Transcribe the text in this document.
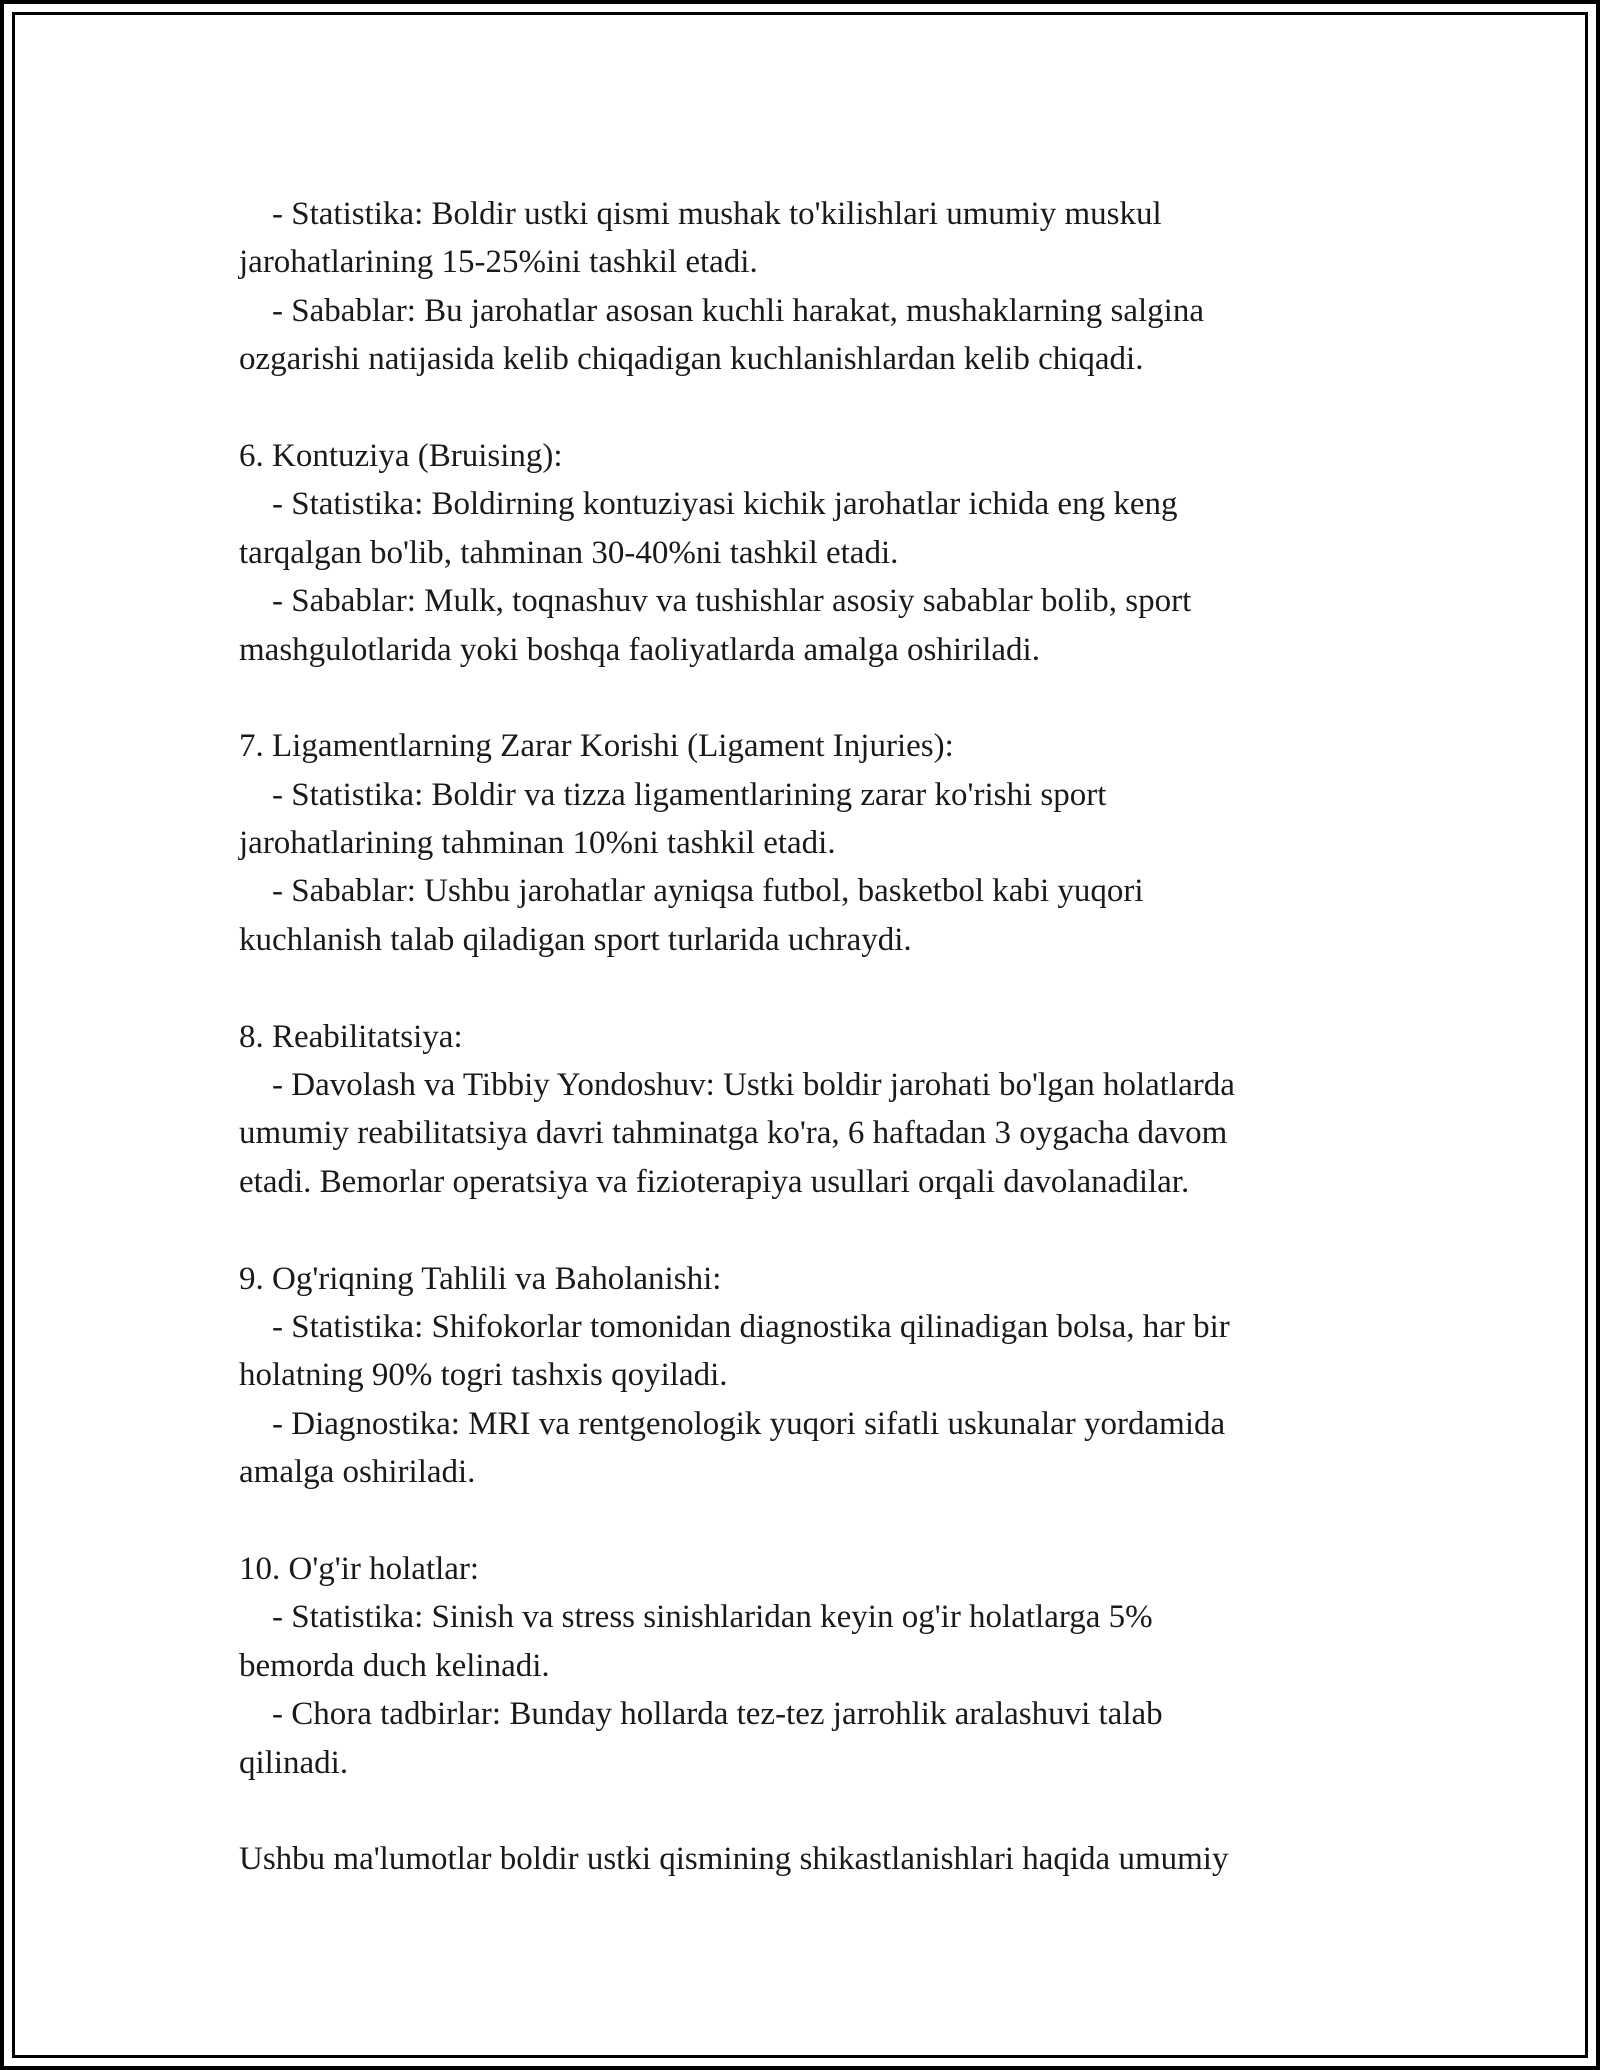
- Statistika: Boldir ustki qismi mushak to'kilishlari umumiy muskul
jarohatlarining 15-25%ini tashkil etadi.
- Sabablar: Bu jarohatlar asosan kuchli harakat, mushaklarning salgina
ozgarishi natijasida kelib chiqadigan kuchlanishlardan kelib chiqadi.
6. Kontuziya (Bruising):
- Statistika: Boldirning kontuziyasi kichik jarohatlar ichida eng keng
tarqalgan bo'lib, tahminan 30-40%ni tashkil etadi.
- Sabablar: Mulk, toqnashuv va tushishlar asosiy sabablar bolib, sport
mashgulotlarida yoki boshqa faoliyatlarda amalga oshiriladi.
7. Ligamentlarning Zarar Korishi (Ligament Injuries):
- Statistika: Boldir va tizza ligamentlarining zarar ko'rishi sport
jarohatlarining tahminan 10%ni tashkil etadi.
- Sabablar: Ushbu jarohatlar ayniqsa futbol, basketbol kabi yuqori
kuchlanish talab qiladigan sport turlarida uchraydi.
8. Reabilitatsiya:
- Davolash va Tibbiy Yondoshuv: Ustki boldir jarohati bo'lgan holatlarda
umumiy reabilitatsiya davri tahminatga ko'ra, 6 haftadan 3 oygacha davom
etadi. Bemorlar operatsiya va fizioterapiya usullari orqali davolanadilar.
9. Og'riqning Tahlili va Baholanishi:
- Statistika: Shifokorlar tomonidan diagnostika qilinadigan bolsa, har bir
holatning 90% togri tashxis qoyiladi.
- Diagnostika: MRI va rentgenologik yuqori sifatli uskunalar yordamida
amalga oshiriladi.
10. O'g'ir holatlar:
- Statistika: Sinish va stress sinishlaridan keyin og'ir holatlarga 5%
bemorda duch kelinadi.
- Chora tadbirlar: Bunday hollarda tez-tez jarrohlik aralashuvi talab
qilinadi.
Ushbu ma'lumotlar boldir ustki qismining shikastlanishlari haqida umumiy
